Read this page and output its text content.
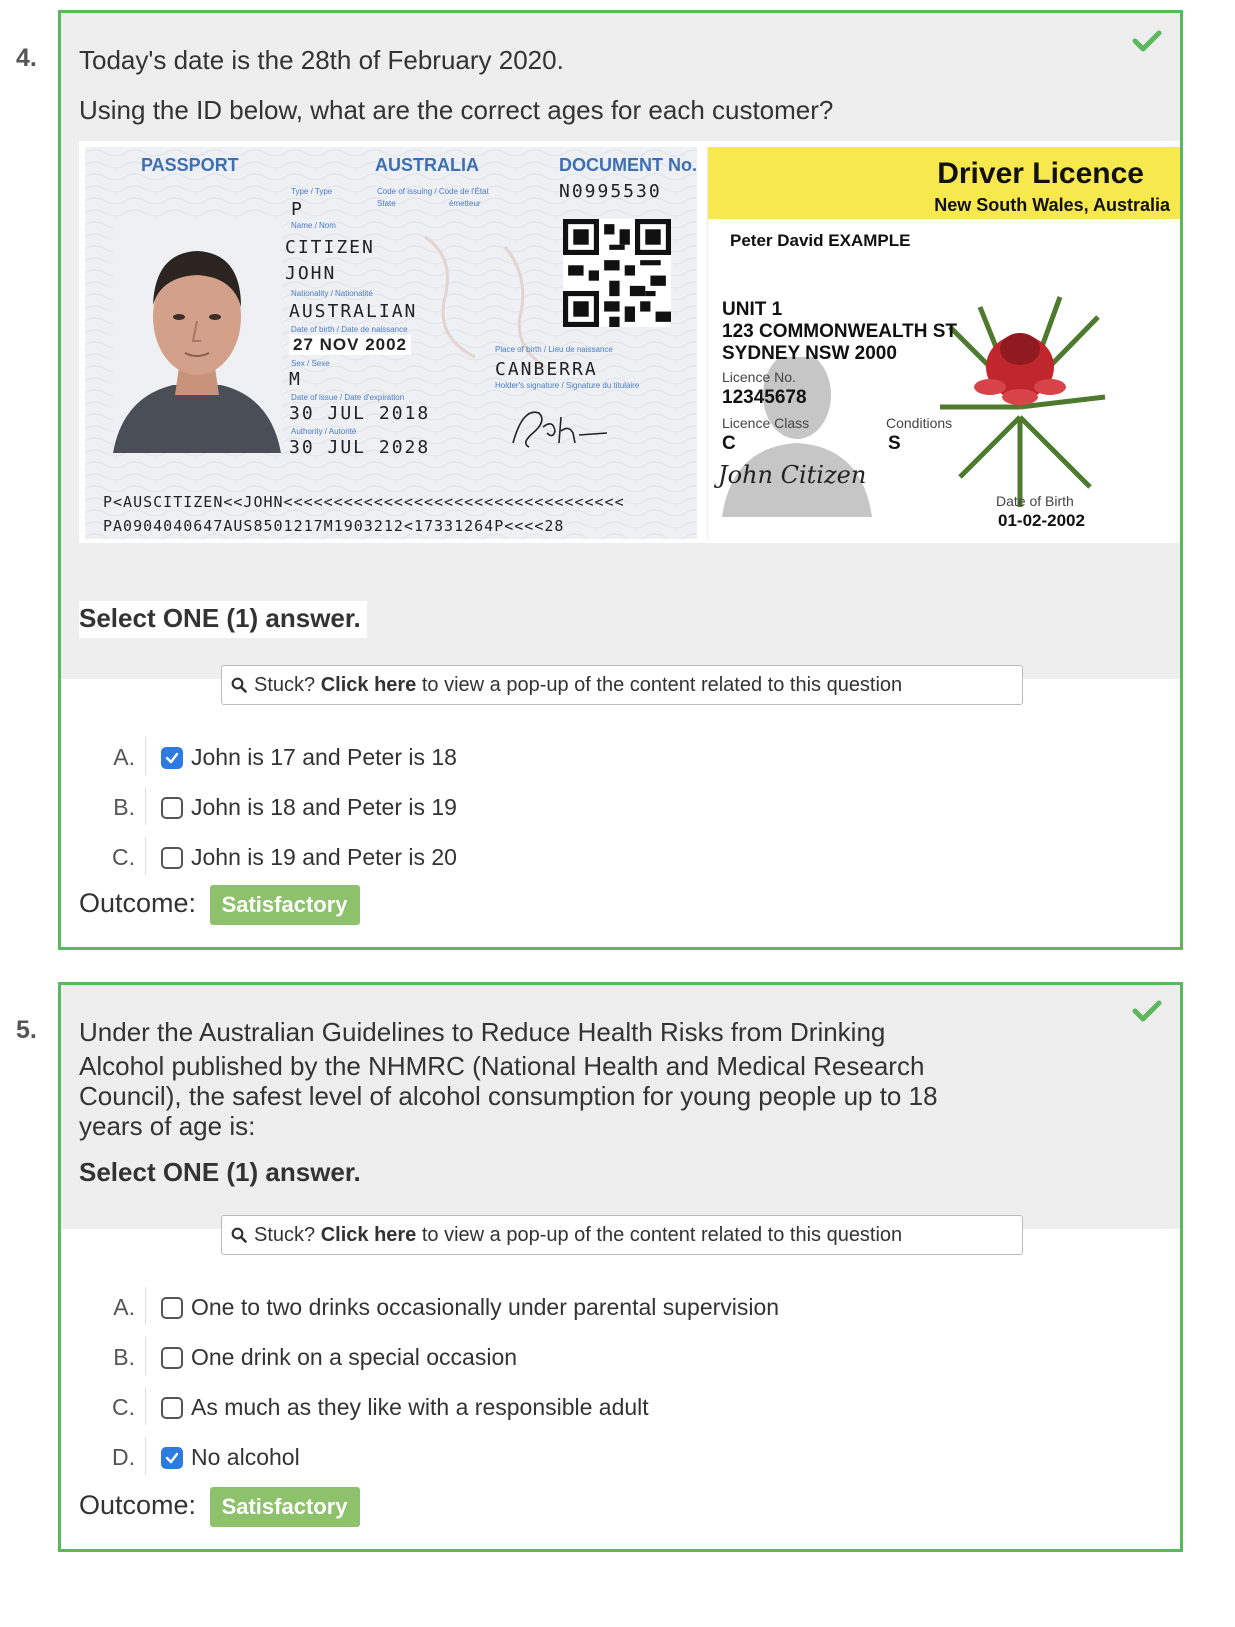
4. Today's date is the 28th of February 2020.

Using the ID below, what are the correct ages for each customer?

PASSPORT	AUSTRALIA	DOCUMENT No.
N0995530
Type / Type	Code of issuing / Code de l'État
State	émetteur
P
Name / Nom
CITIZEN
JOHN
Nationality / Nationalité
AUSTRALIAN
Date of birth / Date de naissance
27 NOV 2002	Place of birth / Lieu de naissance
CANBERRA
Sex / Sexe
M	Holder's signature / Signature du titulaire
Date of issue / Date d'expiration
30 JUL 2018
Authority / Autorité
30 JUL 2028
P<AUSCITIZEN<<JOHN<<<<<<<<<<<<<<<<<<<<<<<<<<<<<<<<<<
PA0904040647AUS8501217M1903212<17331264P<<<<28
Driver Licence
New South Wales, Australia
Peter David EXAMPLE
UNIT 1
123 COMMONWEALTH ST
SYDNEY NSW 2000
Licence No.
12345678
Licence Class
C
Conditions
S
John Citizen
Date of Birth
01-02-2002
Select ONE (1) answer.
Stuck? Click here to view a pop-up of the content related to this question
A. John is 17 and Peter is 18
B. John is 18 and Peter is 19
C. John is 19 and Peter is 20
Outcome: Satisfactory
5. Under the Australian Guidelines to Reduce Health Risks from Drinking

Alcohol published by the NHMRC (National Health and Medical Research

Council), the safest level of alcohol consumption for young people up to 18

years of age is:

Select ONE (1) answer.
Stuck? Click here to view a pop-up of the content related to this question
A. One to two drinks occasionally under parental supervision
B. One drink on a special occasion
C. As much as they like with a responsible adult
D. No alcohol
Outcome: Satisfactory
